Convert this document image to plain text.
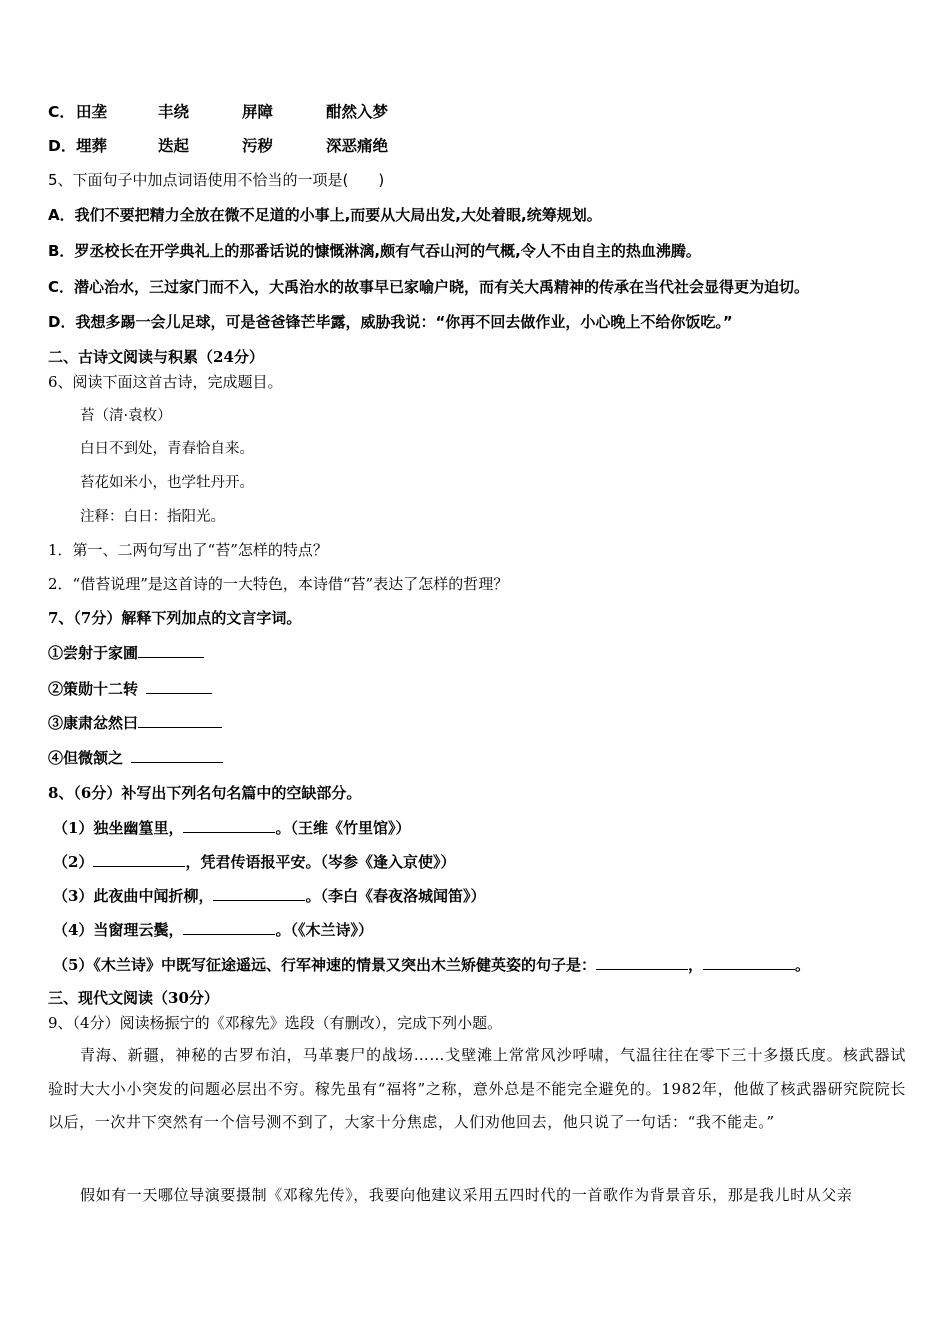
C．田垄	丰绕	屏障	酣然入梦
D．埋葬	迭起	污秽	深恶痛绝
5、下面句子中加点词语使用不恰当的一项是(　　)
A．我们不要把精力全放在微不足道的小事上,而要从大局出发,大处着眼,统筹规划。
B．罗丞校长在开学典礼上的那番话说的慷慨淋漓,颇有气吞山河的气概,令人不由自主的热血沸腾。
C．潜心治水，三过家门而不入，大禹治水的故事早已家喻户晓，而有关大禹精神的传承在当代社会显得更为迫切。
D．我想多踢一会儿足球，可是爸爸锋芒毕露，威胁我说：“你再不回去做作业，小心晚上不给你饭吃。”
二、古诗文阅读与积累（24分）
6、阅读下面这首古诗，完成题目。
苔（清·袁枚）
白日不到处，青春恰自来。
苔花如米小，也学牡丹开。
注释：白日：指阳光。
1．第一、二两句写出了“苔”怎样的特点？
2．“借苔说理”是这首诗的一大特色，本诗借“苔”表达了怎样的哲理？
7、（7分）解释下列加点的文言字词。
①尝射于家圃
②策勋十二转
③康肃忿然曰
④但微颔之
8、（6分）补写出下列名句名篇中的空缺部分。
（1）独坐幽篁里，	。（王维《竹里馆》）
（2）	，凭君传语报平安。（岑参《逢入京使》）
（3）此夜曲中闻折柳，	。（李白《春夜洛城闻笛》）
（4）当窗理云鬓，	。（《木兰诗》）
（5）《木兰诗》中既写征途遥远、行军神速的情景又突出木兰矫健英姿的句子是：	，	。
三、现代文阅读（30分）
9、（4分）阅读杨振宁的《邓稼先》选段（有删改），完成下列小题。
青海、新疆，神秘的古罗布泊，马革裹尸的战场……戈壁滩上常常风沙呼啸，气温往往在零下三十多摄氏度。核武器试验时大大小小突发的问题必层出不穷。稼先虽有“福将”之称，意外总是不能完全避免的。1982年，他做了核武器研究院院长以后，一次井下突然有一个信号测不到了，大家十分焦虑，人们劝他回去，他只说了一句话：“我不能走。”
假如有一天哪位导演要摄制《邓稼先传》，我要向他建议采用五四时代的一首歌作为背景音乐，那是我儿时从父亲
